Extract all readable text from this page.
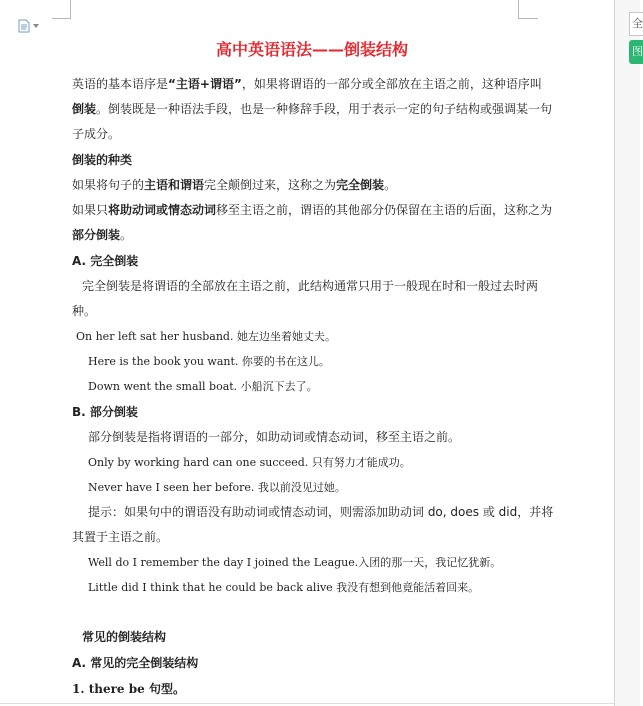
全
图
高中英语语法——倒装结构

英语的基本语序是“主语+谓语”，如果将谓语的一部分或全部放在主语之前，这种语序叫

倒装。倒装既是一种语法手段，也是一种修辞手段，用于表示一定的句子结构或强调某一句

子成分。

倒装的种类

如果将句子的主语和谓语完全颠倒过来，这称之为完全倒装。

如果只将助动词或情态动词移至主语之前，谓语的其他部分仍保留在主语的后面，这称之为

部分倒装。

A. 完全倒装

完全倒装是将谓语的全部放在主语之前，此结构通常只用于一般现在时和一般过去时两

种。

On her left sat her husband. 她左边坐着她丈夫。

Here is the book you want. 你要的书在这儿。

Down went the small boat. 小船沉下去了。

B. 部分倒装

部分倒装是指将谓语的一部分，如助动词或情态动词，移至主语之前。

Only by working hard can one succeed. 只有努力才能成功。

Never have I seen her before. 我以前没见过她。

提示：如果句中的谓语没有助动词或情态动词，则需添加助动词 do, does 或 did，并将

其置于主语之前。

Well do I remember the day I joined the League.入团的那一天，我记忆犹新。

Little did I think that he could be back alive 我没有想到他竟能活着回来。

常见的倒装结构

A. 常见的完全倒装结构

1. there be 句型。
